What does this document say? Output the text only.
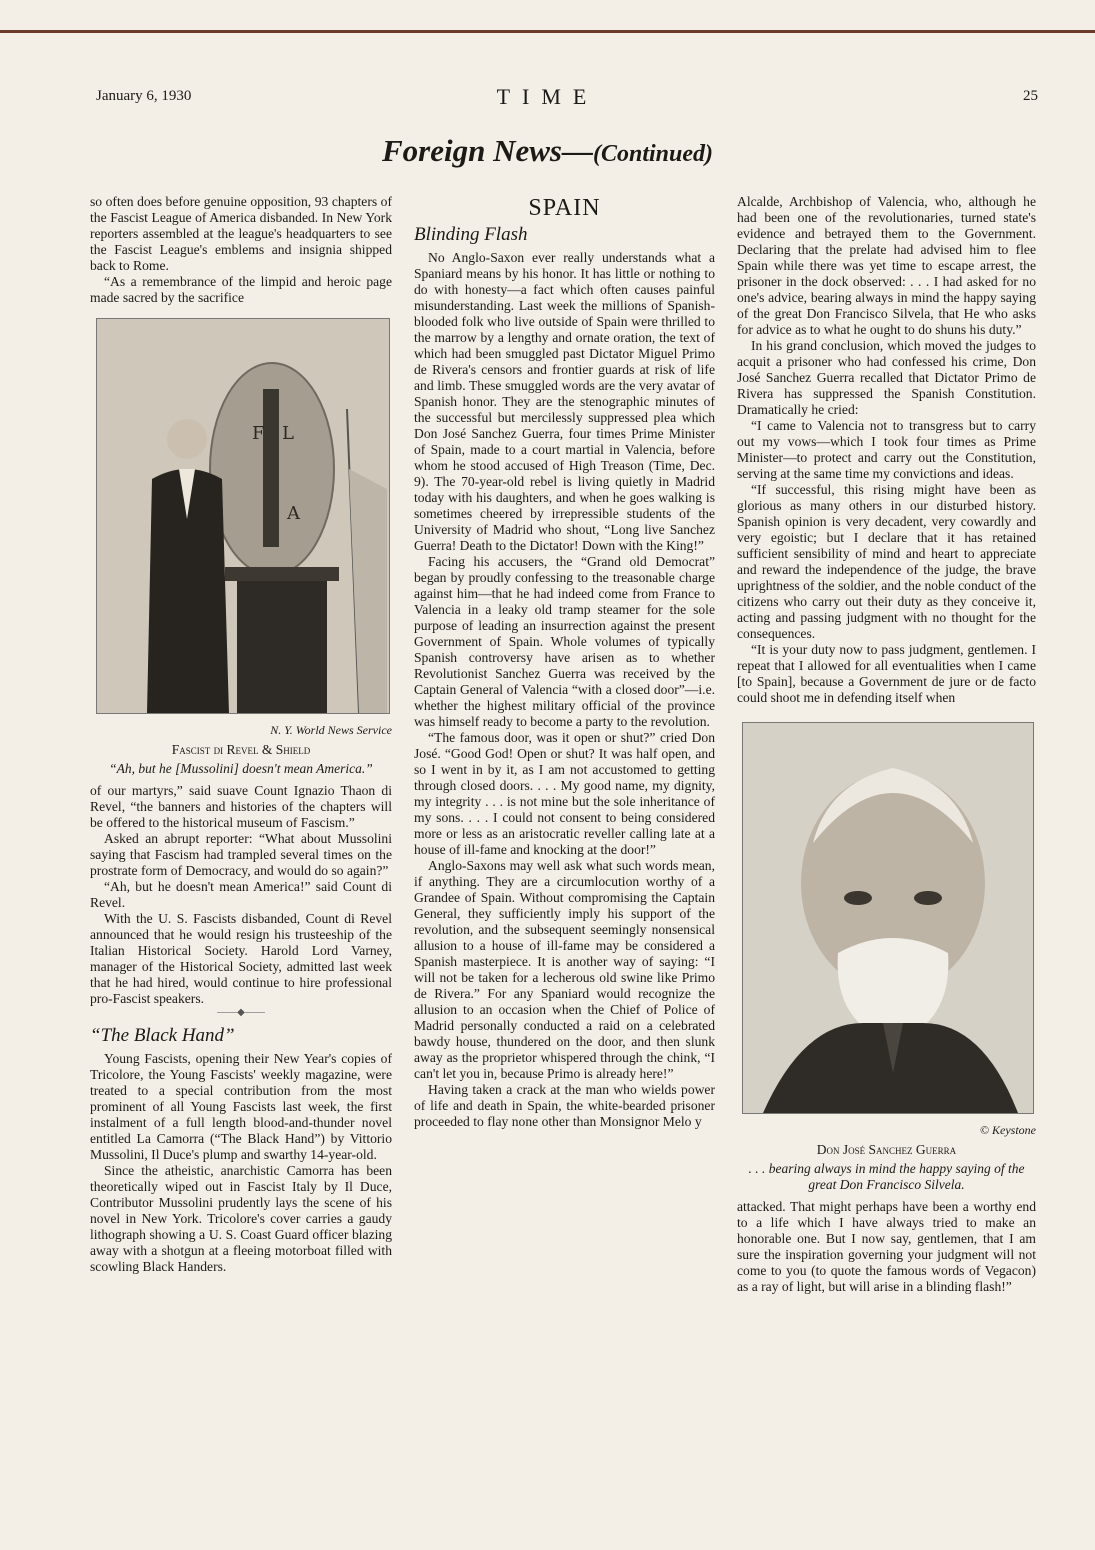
January 6, 1930	TIME	25
Foreign News—(Continued)

so often does before genuine opposition, 93 chapters of the Fascist League of America disbanded. In New York reporters assembled at the league's headquarters to see the Fascist League's emblems and insignia shipped back to Rome.

“As a remembrance of the limpid and heroic page made sacred by the sacrifice

F L
A
N. Y. World News Service
Fascist di Revel & Shield
“Ah, but he [Mussolini] doesn't mean America.”

of our martyrs,” said suave Count Ignazio Thaon di Revel, “the banners and histories of the chapters will be offered to the historical museum of Fascism.”

Asked an abrupt reporter: “What about Mussolini saying that Fascism had trampled several times on the prostrate form of Democracy, and would do so again?”

“Ah, but he doesn't mean America!” said Count di Revel.

With the U. S. Fascists disbanded, Count di Revel announced that he would resign his trusteeship of the Italian Historical Society. Harold Lord Varney, manager of the Historical Society, admitted last week that he had hired, would continue to hire professional pro-Fascist speakers.

——◆——
“The Black Hand”

Young Fascists, opening their New Year's copies of Tricolore, the Young Fascists' weekly magazine, were treated to a special contribution from the most prominent of all Young Fascists last week, the first instalment of a full length blood-and-thunder novel entitled La Camorra (“The Black Hand”) by Vittorio Mussolini, Il Duce's plump and swarthy 14-year-old.

Since the atheistic, anarchistic Camorra has been theoretically wiped out in Fascist Italy by Il Duce, Contributor Mussolini prudently lays the scene of his novel in New York. Tricolore's cover carries a gaudy lithograph showing a U. S. Coast Guard officer blazing away with a shotgun at a fleeing motorboat filled with scowling Black Handers.

SPAIN
Blinding Flash

No Anglo-Saxon ever really understands what a Spaniard means by his honor. It has little or nothing to do with honesty—a fact which often causes painful misunderstanding. Last week the millions of Spanish-blooded folk who live outside of Spain were thrilled to the marrow by a lengthy and ornate oration, the text of which had been smuggled past Dictator Miguel Primo de Rivera's censors and frontier guards at risk of life and limb. These smuggled words are the very avatar of Spanish honor. They are the stenographic minutes of the successful but mercilessly suppressed plea which Don José Sanchez Guerra, four times Prime Minister of Spain, made to a court martial in Valencia, before whom he stood accused of High Treason (Time, Dec. 9). The 70-year-old rebel is living quietly in Madrid today with his daughters, and when he goes walking is sometimes cheered by irrepressible students of the University of Madrid who shout, “Long live Sanchez Guerra! Death to the Dictator! Down with the King!”

Facing his accusers, the “Grand old Democrat” began by proudly confessing to the treasonable charge against him—that he had indeed come from France to Valencia in a leaky old tramp steamer for the sole purpose of leading an insurrection against the present Government of Spain. Whole volumes of typically Spanish controversy have arisen as to whether Revolutionist Sanchez Guerra was received by the Captain General of Valencia “with a closed door”—i.e. whether the highest military official of the province was himself ready to become a party to the revolution.

“The famous door, was it open or shut?” cried Don José. “Good God! Open or shut? It was half open, and so I went in by it, as I am not accustomed to getting through closed doors. . . . My good name, my dignity, my integrity . . . is not mine but the sole inheritance of my sons. . . . I could not consent to being considered more or less as an aristocratic reveller calling late at a house of ill-fame and knocking at the door!”

Anglo-Saxons may well ask what such words mean, if anything. They are a circumlocution worthy of a Grandee of Spain. Without compromising the Captain General, they sufficiently imply his support of the revolution, and the subsequent seemingly nonsensical allusion to a house of ill-fame may be considered a Spanish masterpiece. It is another way of saying: “I will not be taken for a lecherous old swine like Primo de Rivera.” For any Spaniard would recognize the allusion to an occasion when the Chief of Police of Madrid personally conducted a raid on a celebrated bawdy house, thundered on the door, and then slunk away as the proprietor whispered through the chink, “I can't let you in, because Primo is already here!”

Having taken a crack at the man who wields power of life and death in Spain, the white-bearded prisoner proceeded to flay none other than Monsignor Melo y

Alcalde, Archbishop of Valencia, who, although he had been one of the revolutionaries, turned state's evidence and betrayed them to the Government. Declaring that the prelate had advised him to flee Spain while there was yet time to escape arrest, the prisoner in the dock observed: . . . I had asked for no one's advice, bearing always in mind the happy saying of the great Don Francisco Silvela, that He who asks for advice as to what he ought to do shuns his duty.”

In his grand conclusion, which moved the judges to acquit a prisoner who had confessed his crime, Don José Sanchez Guerra recalled that Dictator Primo de Rivera has suppressed the Spanish Constitution. Dramatically he cried:

“I came to Valencia not to transgress but to carry out my vows—which I took four times as Prime Minister—to protect and carry out the Constitution, serving at the same time my convictions and ideas.

“If successful, this rising might have been as glorious as many others in our disturbed history. Spanish opinion is very decadent, very cowardly and very egoistic; but I declare that it has retained sufficient sensibility of mind and heart to appreciate and reward the independence of the judge, the brave uprightness of the soldier, and the noble conduct of the citizens who carry out their duty as they conceive it, acting and passing judgment with no thought for the consequences.

“It is your duty now to pass judgment, gentlemen. I repeat that I allowed for all eventualities when I came [to Spain], because a Government de jure or de facto could shoot me in defending itself when

© Keystone
Don José Sanchez Guerra
. . . bearing always in mind the happy saying of the great Don Francisco Silvela.

attacked. That might perhaps have been a worthy end to a life which I have always tried to make an honorable one. But I now say, gentlemen, that I am sure the inspiration governing your judgment will not come to you (to quote the famous words of Vegacon) as a ray of light, but will arise in a blinding flash!”
